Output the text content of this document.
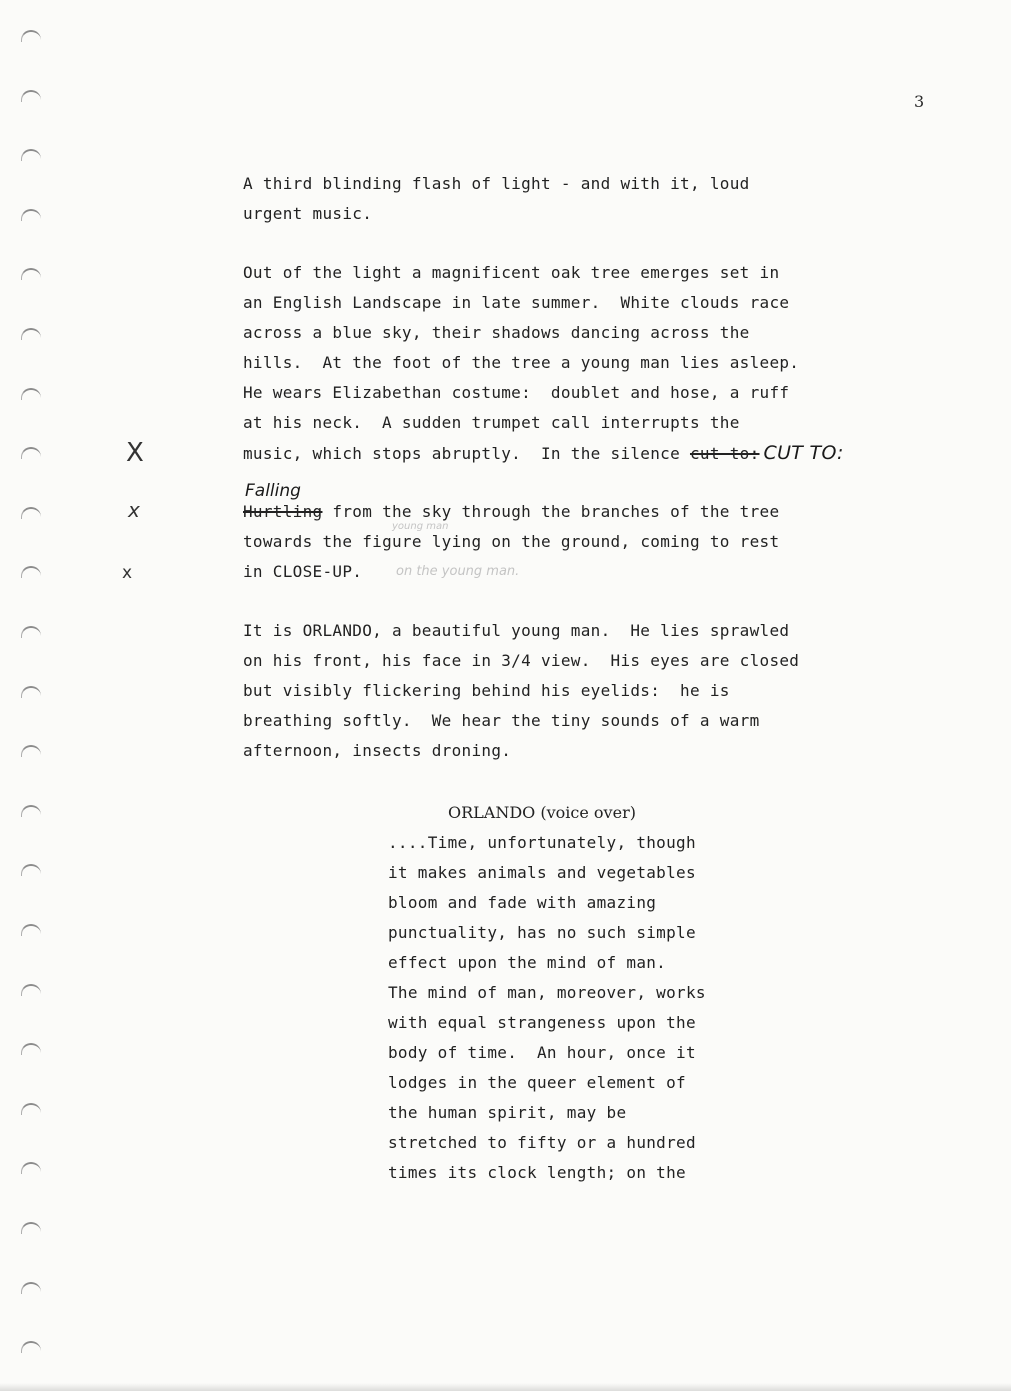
3
A third blinding flash of light - and with it, loud
urgent music.
Out of the light a magnificent oak tree emerges set in
an English Landscape in late summer.  White clouds race
across a blue sky, their shadows dancing across the
hills.  At the foot of the tree a young man lies asleep.
He wears Elizabethan costume:  doublet and hose, a ruff
at his neck.  A sudden trumpet call interrupts the
music, which stops abruptly.  In the silence cut to: CUT TO:
Falling
young man
Hurtling from the sky through the branches of the tree
towards the figure lying on the ground, coming to rest
in CLOSE-UP.	on the young man.
It is ORLANDO, a beautiful young man.  He lies sprawled
on his front, his face in 3/4 view.  His eyes are closed
but visibly flickering behind his eyelids:  he is
breathing softly.  We hear the tiny sounds of a warm
afternoon, insects droning.
ORLANDO (voice over)
....Time, unfortunately, though
it makes animals and vegetables
bloom and fade with amazing
punctuality, has no such simple
effect upon the mind of man.
The mind of man, moreover, works
with equal strangeness upon the
body of time.  An hour, once it
lodges in the queer element of
the human spirit, may be
stretched to fifty or a hundred
times its clock length; on the
X
x
x
